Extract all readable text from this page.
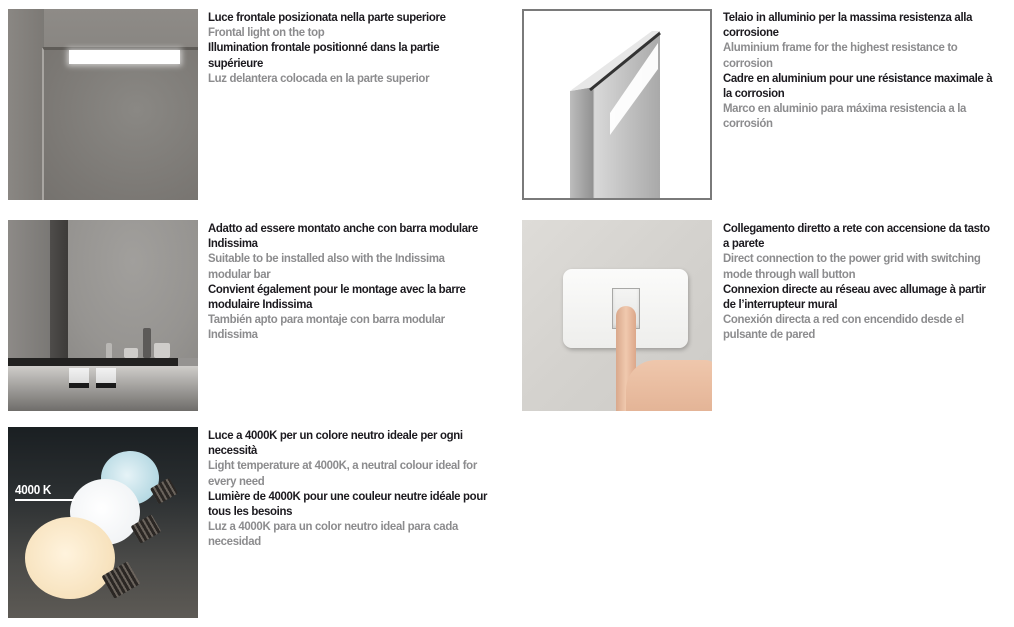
Luce frontale posizionata nella parte superiore
Frontal light on the top
Illumination frontale positionné dans la partie supérieure
Luz delantera colocada en la parte superior
Telaio in alluminio per la massima resistenza alla corrosione
Aluminium frame for the highest resistance to corrosion
Cadre en aluminium pour une résistance maximale à la corrosion
Marco en aluminio para máxima resistencia a la corrosión
Adatto ad essere montato anche con barra modulare Indissima
Suitable to be installed also with the Indissima modular bar
Convient également pour le montage avec la barre modulaire Indissima
También apto para montaje con barra modular Indissima
Collegamento diretto a rete con accensione da tasto a parete
Direct connection to the power grid with switching mode through wall button
Connexion directe au réseau avec allumage à partir de l’interrupteur mural
Conexión directa a red con encendido desde el pulsante de pared
4000 K
Luce a 4000K per un colore neutro ideale per ogni necessità
Light temperature at 4000K, a neutral colour ideal for every need
Lumière de 4000K pour une couleur neutre idéale pour tous les besoins
Luz a 4000K para un color neutro ideal para cada necesidad
